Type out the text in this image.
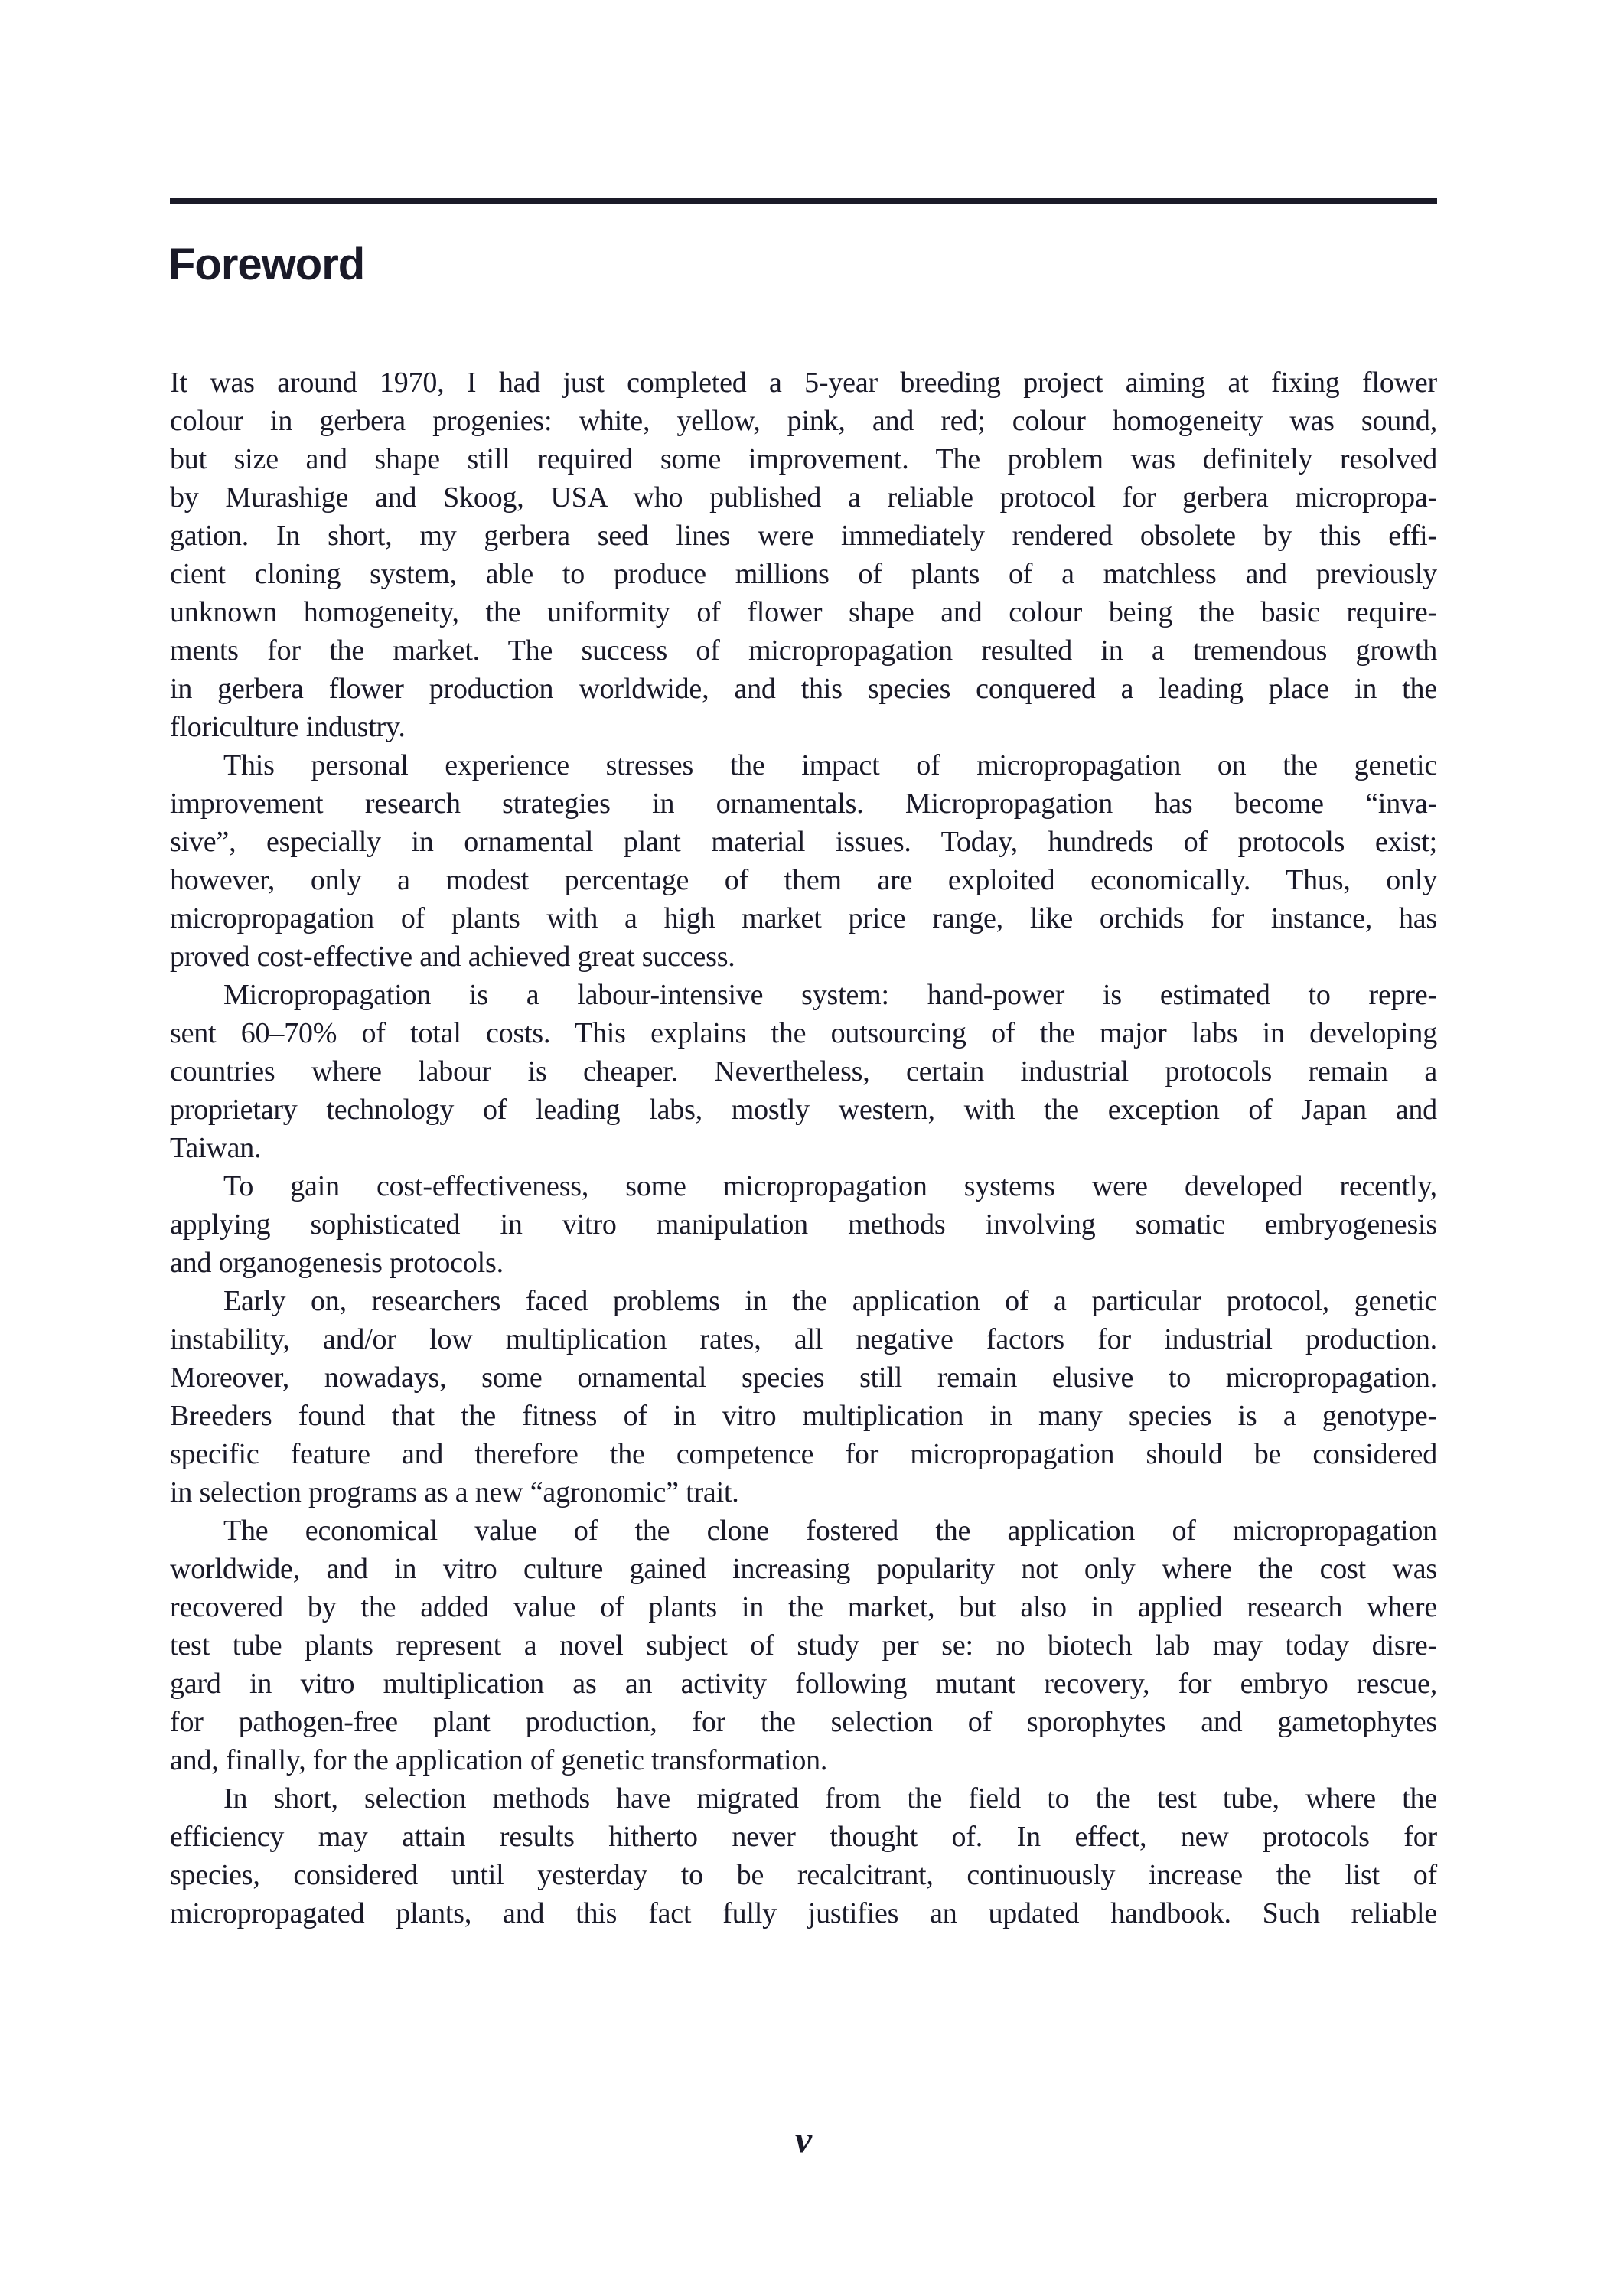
Foreword
It was around 1970, I had just completed a 5-year breeding project aiming at fixing flower
colour in gerbera progenies: white, yellow, pink, and red; colour homogeneity was sound,
but size and shape still required some improvement. The problem was definitely resolved
by Murashige and Skoog, USA who published a reliable protocol for gerbera micropropa-
gation. In short, my gerbera seed lines were immediately rendered obsolete by this effi-
cient cloning system, able to produce millions of plants of a matchless and previously
unknown homogeneity, the uniformity of flower shape and colour being the basic require-
ments for the market. The success of micropropagation resulted in a tremendous growth
in gerbera flower production worldwide, and this species conquered a leading place in the
floriculture industry.
This personal experience stresses the impact of micropropagation on the genetic
improvement research strategies in ornamentals. Micropropagation has become “inva-
sive”, especially in ornamental plant material issues. Today, hundreds of protocols exist;
however, only a modest percentage of them are exploited economically. Thus, only
micropropagation of plants with a high market price range, like orchids for instance, has
proved cost-effective and achieved great success.
Micropropagation is a labour-intensive system: hand-power is estimated to repre-
sent 60–70% of total costs. This explains the outsourcing of the major labs in developing
countries where labour is cheaper. Nevertheless, certain industrial protocols remain a
proprietary technology of leading labs, mostly western, with the exception of Japan and
Taiwan.
To gain cost-effectiveness, some micropropagation systems were developed recently,
applying sophisticated in vitro manipulation methods involving somatic embryogenesis
and organogenesis protocols.
Early on, researchers faced problems in the application of a particular protocol, genetic
instability, and/or low multiplication rates, all negative factors for industrial production.
Moreover, nowadays, some ornamental species still remain elusive to micropropagation.
Breeders found that the fitness of in vitro multiplication in many species is a genotype-
specific feature and therefore the competence for micropropagation should be considered
in selection programs as a new “agronomic” trait.
The economical value of the clone fostered the application of micropropagation
worldwide, and in vitro culture gained increasing popularity not only where the cost was
recovered by the added value of plants in the market, but also in applied research where
test tube plants represent a novel subject of study per se: no biotech lab may today disre-
gard in vitro multiplication as an activity following mutant recovery, for embryo rescue,
for pathogen-free plant production, for the selection of sporophytes and gametophytes
and, finally, for the application of genetic transformation.
In short, selection methods have migrated from the field to the test tube, where the
efficiency may attain results hitherto never thought of. In effect, new protocols for
species, considered until yesterday to be recalcitrant, continuously increase the list of
micropropagated plants, and this fact fully justifies an updated handbook. Such reliable
v
